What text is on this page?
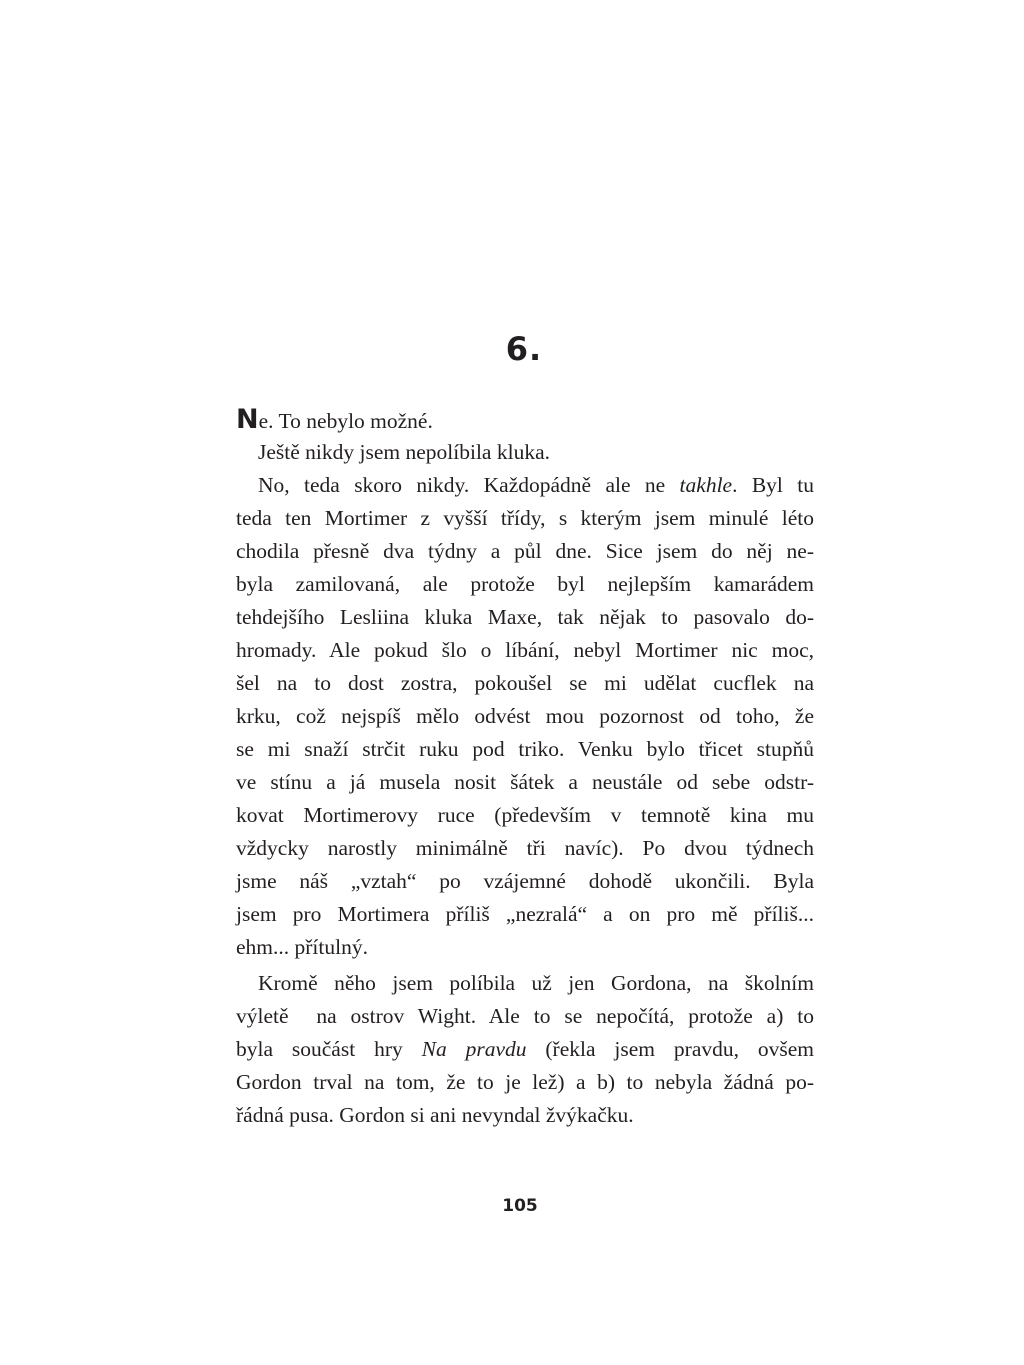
6.
Ne. To nebylo možné.
Ještě nikdy jsem nepolíbila kluka.
No, teda skoro nikdy. Každopádně ale ne takhle. Byl tu
teda ten Mortimer z vyšší třídy, s kterým jsem minulé léto
chodila přesně dva týdny a půl dne. Sice jsem do něj ne-
byla zamilovaná, ale protože byl nejlepším kamarádem
tehdejšího Lesliina kluka Maxe, tak nějak to pasovalo do-
hromady. Ale pokud šlo o líbání, nebyl Mortimer nic moc,
šel na to dost zostra, pokoušel se mi udělat cucflek na
krku, což nejspíš mělo odvést mou pozornost od toho, že
se mi snaží strčit ruku pod triko. Venku bylo třicet stupňů
ve stínu a já musela nosit šátek a neustále od sebe odstr-
kovat Mortimerovy ruce (především v temnotě kina mu
vždycky narostly minimálně tři navíc). Po dvou týdnech
jsme náš „vztah“ po vzájemné dohodě ukončili. Byla
jsem pro Mortimera příliš „nezralá“ a on pro mě příliš...
ehm... přítulný.
Kromě něho jsem políbila už jen Gordona, na školním
výletě  na ostrov Wight. Ale to se nepočítá, protože a) to
byla součást hry Na pravdu (řekla jsem pravdu, ovšem
Gordon trval na tom, že to je lež) a b) to nebyla žádná po-
řádná pusa. Gordon si ani nevyndal žvýkačku.
105
